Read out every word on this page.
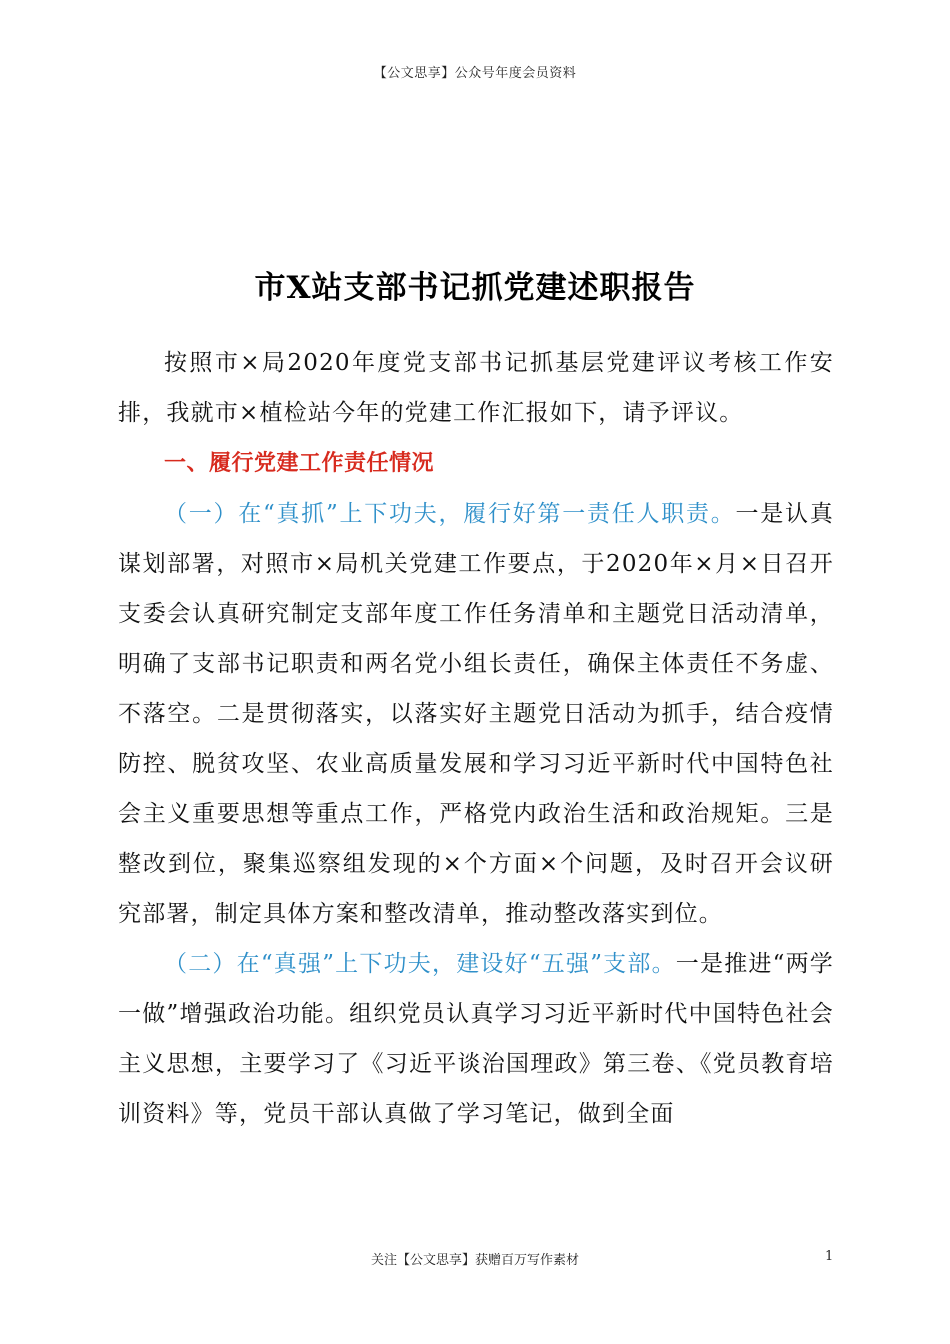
【公文思享】公众号年度会员资料
市X站支部书记抓党建述职报告

按照市×局2020年度党支部书记抓基层党建评议考核工作安排，我就市×植检站今年的党建工作汇报如下，请予评议。

一、履行党建工作责任情况

（一）在“真抓”上下功夫，履行好第一责任人职责。一是认真谋划部署，对照市×局机关党建工作要点，于2020年×月×日召开支委会认真研究制定支部年度工作任务清单和主题党日活动清单，明确了支部书记职责和两名党小组长责任，确保主体责任不务虚、不落空。二是贯彻落实，以落实好主题党日活动为抓手，结合疫情防控、脱贫攻坚、农业高质量发展和学习习近平新时代中国特色社会主义重要思想等重点工作，严格党内政治生活和政治规矩。三是整改到位，聚集巡察组发现的×个方面×个问题，及时召开会议研究部署，制定具体方案和整改清单，推动整改落实到位。

（二）在“真强”上下功夫，建设好“五强”支部。一是推进“两学一做”增强政治功能。组织党员认真学习习近平新时代中国特色社会主义思想，主要学习了《习近平谈治国理政》第三卷、《党员教育培训资料》等，党员干部认真做了学习笔记，做到全面

关注【公文思享】获赠百万写作素材	1
